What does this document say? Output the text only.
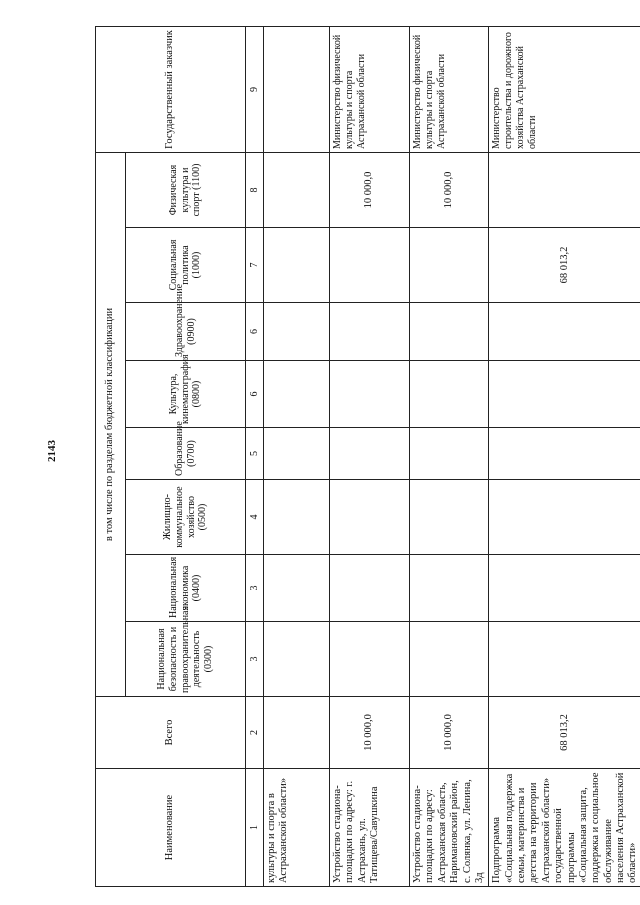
2143
Наименование	Всего	в том числе по разделам бюджетной классификации								Государственный заказчик
		Национальная безопасность и правоохранительная деятельность (0300)	Национальная экономика (0400)	Жилищно-коммунальное хозяйство (0500)	Образование (0700)	Культура, кинематография (0800)	Здравоохранение (0900)	Социальная политика (1000)	Физическая культура и спорт (1100)	
1	2	3	3	4	5	6	6	7	8	9
культуры и спорта в Астраханской области»										
Устройство стадиона-площадки по адресу: г. Астрахань, ул. Татищева/Савушкина	10 000,0								10 000,0	Министерство физической культуры и спорта Астраханской области
Устройство стадиона-площадки по адресу: Астраханская область, Наримановский район, с. Солянка, ул. Ленина, 3д	10 000,0								10 000,0	Министерство физической культуры и спорта Астраханской области
Подпрограмма «Социальная поддержка семьи, материнства и детства на территории Астраханской области» государственной программы «Социальная защита, поддержка и социальное обслуживание населения Астраханской области»	68 013,2							68 013,2		Министерство строительства и дорожного хозяйства Астраханской области
